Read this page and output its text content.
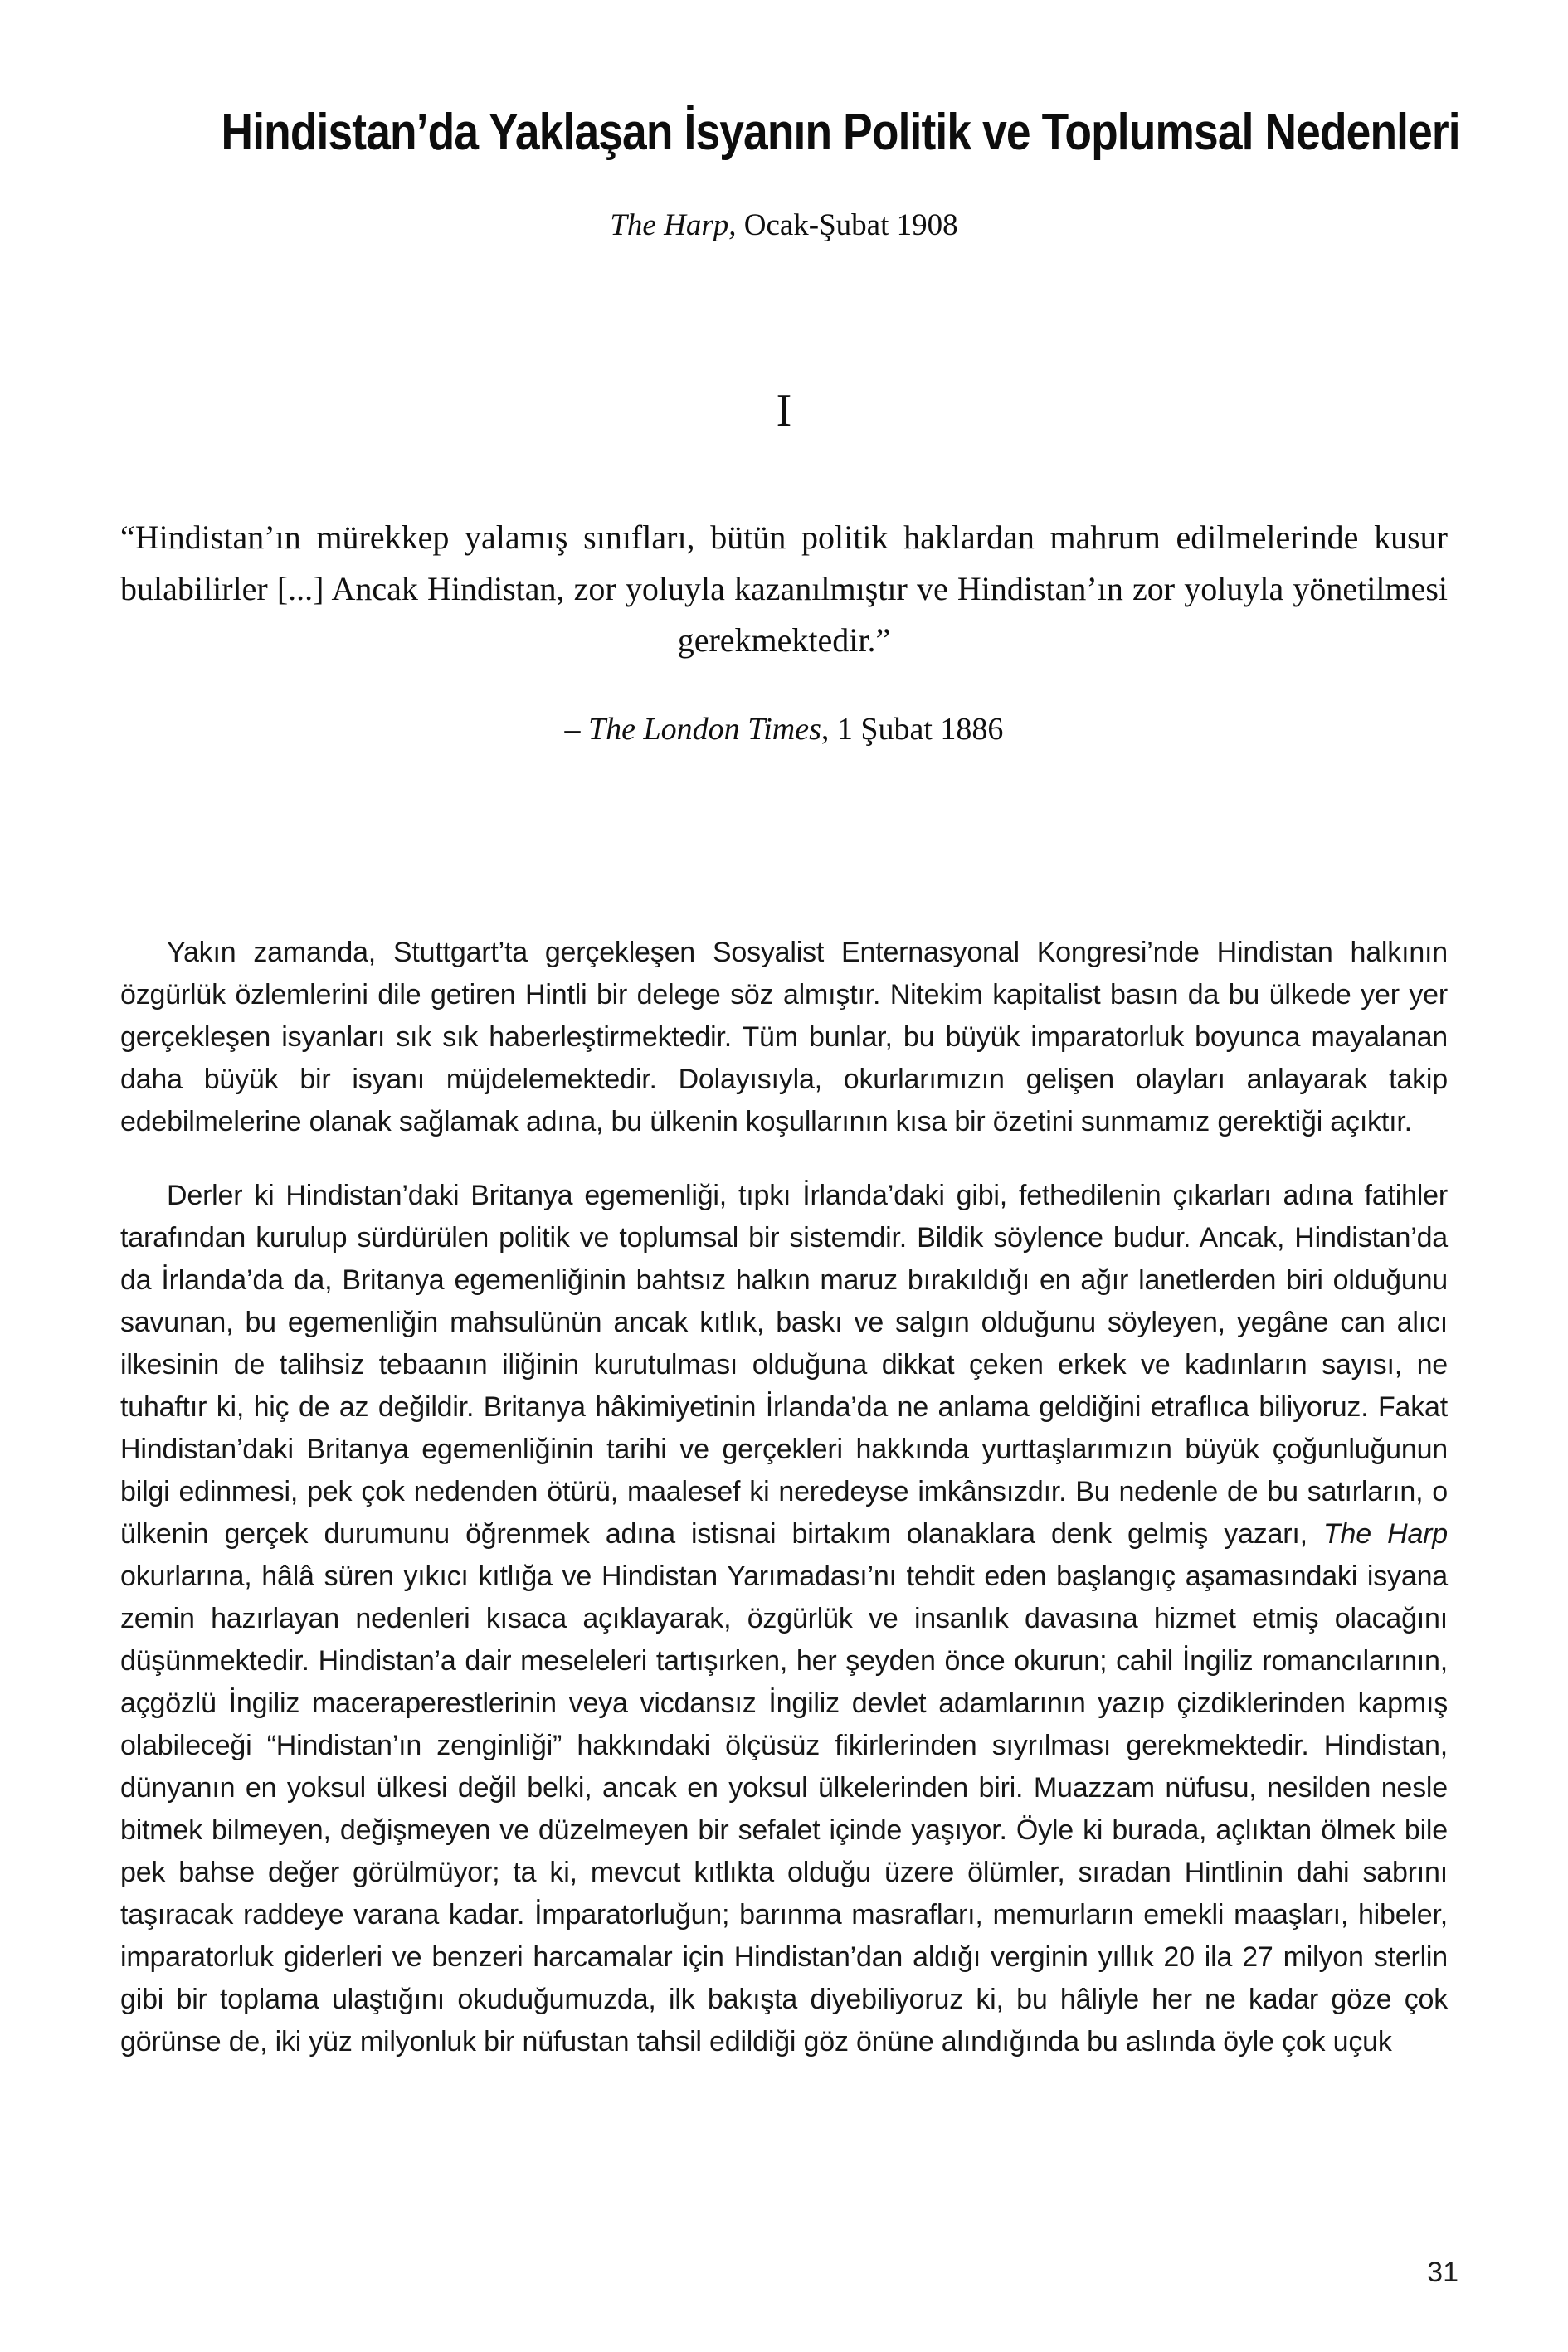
Hindistan’da Yaklaşan İsyanın Politik ve Toplumsal Nedenleri
The Harp, Ocak-Şubat 1908
I
“Hindistan’ın mürekkep yalamış sınıfları, bütün politik haklardan mahrum edilmelerinde kusur bulabilirler [...] Ancak Hindistan, zor yoluyla kazanılmıştır ve Hindistan’ın zor yoluyla yönetilmesi gerekmektedir.”
– The London Times, 1 Şubat 1886

Yakın zamanda, Stuttgart’ta gerçekleşen Sosyalist Enternasyonal Kongresi’nde Hindistan halkının özgürlük özlemlerini dile getiren Hintli bir delege söz almıştır. Nitekim kapitalist basın da bu ülkede yer yer gerçekleşen isyanları sık sık haberleştirmektedir. Tüm bunlar, bu büyük imparatorluk boyunca mayalanan daha büyük bir isyanı müjdelemektedir. Dolayısıyla, okurlarımızın gelişen olayları anlayarak takip edebilmelerine olanak sağlamak adına, bu ülkenin koşullarının kısa bir özetini sunmamız gerektiği açıktır.

Derler ki Hindistan’daki Britanya egemenliği, tıpkı İrlanda’daki gibi, fethedilenin çıkarları adına fatihler tarafından kurulup sürdürülen politik ve toplumsal bir sistemdir. Bildik söylence budur. Ancak, Hindistan’da da İrlanda’da da, Britanya egemenliğinin bahtsız halkın maruz bırakıldığı en ağır lanetlerden biri olduğunu savunan, bu egemenliğin mahsulünün ancak kıtlık, baskı ve salgın olduğunu söyleyen, yegâne can alıcı ilkesinin de talihsiz tebaanın iliğinin kurutulması olduğuna dikkat çeken erkek ve kadınların sayısı, ne tuhaftır ki, hiç de az değildir. Britanya hâkimiyetinin İrlanda’da ne anlama geldiğini etraflıca biliyoruz. Fakat Hindistan’daki Britanya egemenliğinin tarihi ve gerçekleri hakkında yurttaşlarımızın büyük çoğunluğunun bilgi edinmesi, pek çok nedenden ötürü, maalesef ki neredeyse imkânsızdır. Bu nedenle de bu satırların, o ülkenin gerçek durumunu öğrenmek adına istisnai birtakım olanaklara denk gelmiş yazarı, The Harp okurlarına, hâlâ süren yıkıcı kıtlığa ve Hindistan Yarımadası’nı tehdit eden başlangıç aşamasındaki isyana zemin hazırlayan nedenleri kısaca açıklayarak, özgürlük ve insanlık davasına hizmet etmiş olacağını düşünmektedir. Hindistan’a dair meseleleri tartışırken, her şeyden önce okurun; cahil İngiliz romancılarının, açgözlü İngiliz maceraperestlerinin veya vicdansız İngiliz devlet adamlarının yazıp çizdiklerinden kapmış olabileceği “Hindistan’ın zenginliği” hakkındaki ölçüsüz fikirlerinden sıyrılması gerekmektedir. Hindistan, dünyanın en yoksul ülkesi değil belki, ancak en yoksul ülkelerinden biri. Muazzam nüfusu, nesilden nesle bitmek bilmeyen, değişmeyen ve düzelmeyen bir sefalet içinde yaşıyor. Öyle ki burada, açlıktan ölmek bile pek bahse değer görülmüyor; ta ki, mevcut kıtlıkta olduğu üzere ölümler, sıradan Hintlinin dahi sabrını taşıracak raddeye varana kadar. İmparatorluğun; barınma masrafları, memurların emekli maaşları, hibeler, imparatorluk giderleri ve benzeri harcamalar için Hindistan’dan aldığı verginin yıllık 20 ila 27 milyon sterlin gibi bir toplama ulaştığını okuduğumuzda, ilk bakışta diyebiliyoruz ki, bu hâliyle her ne kadar göze çok görünse de, iki yüz milyonluk bir nüfustan tahsil edildiği göz önüne alındığında bu aslında öyle çok uçuk

31
